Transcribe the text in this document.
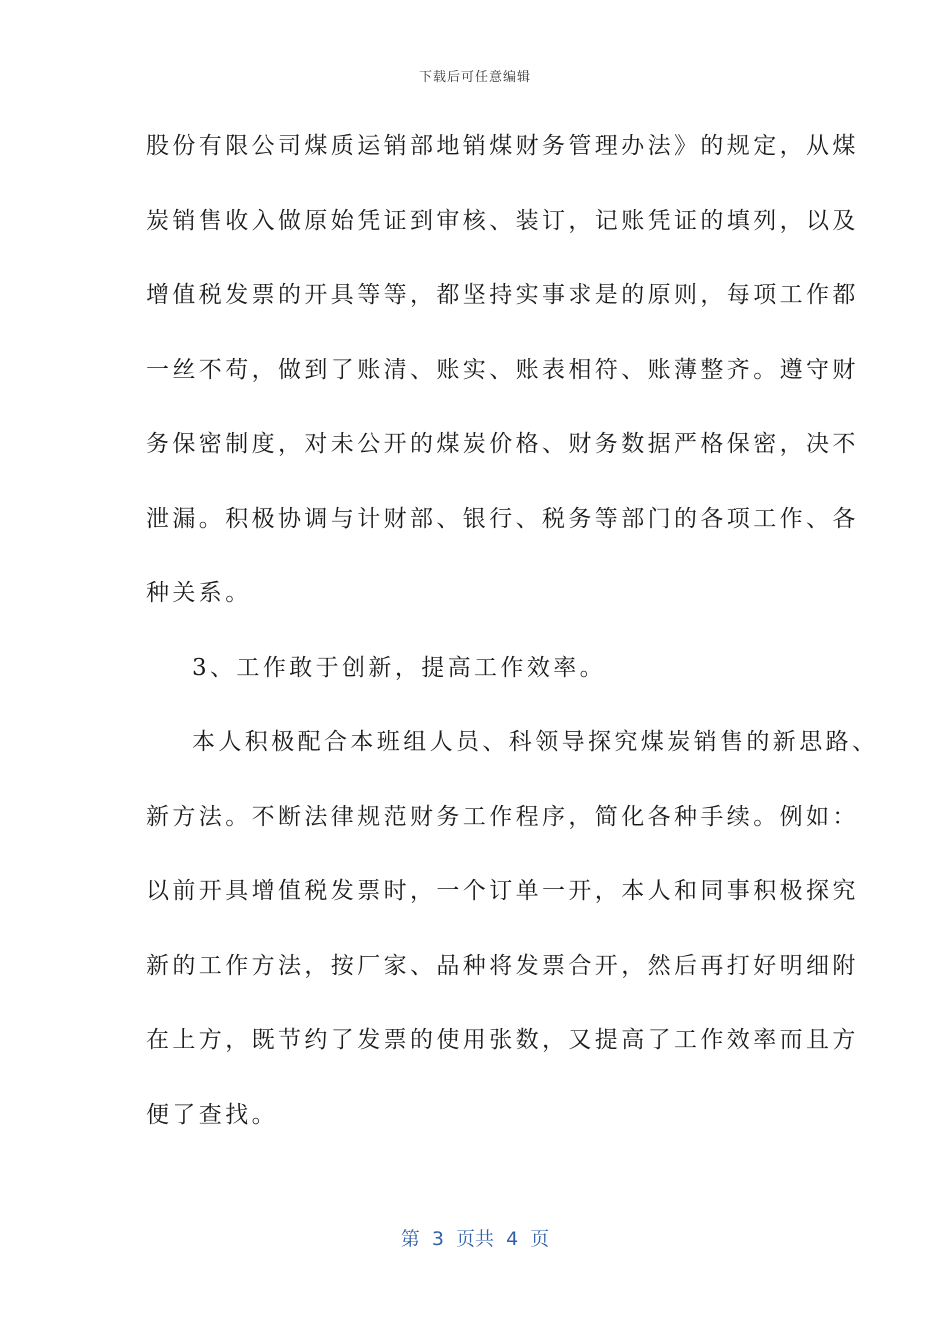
下载后可任意编辑
股份有限公司煤质运销部地销煤财务管理办法》的规定，从煤
炭销售收入做原始凭证到审核、装订，记账凭证的填列，以及
增值税发票的开具等等，都坚持实事求是的原则，每项工作都
一丝不苟，做到了账清、账实、账表相符、账薄整齐。遵守财
务保密制度，对未公开的煤炭价格、财务数据严格保密，决不
泄漏。积极协调与计财部、银行、税务等部门的各项工作、各
种关系。
3、工作敢于创新，提高工作效率。
本人积极配合本班组人员、科领导探究煤炭销售的新思路、
新方法。不断法律规范财务工作程序，简化各种手续。例如：
以前开具增值税发票时，一个订单一开，本人和同事积极探究
新的工作方法，按厂家、品种将发票合开，然后再打好明细附
在上方，既节约了发票的使用张数，又提高了工作效率而且方
便了查找。
第  3  页共  4  页
